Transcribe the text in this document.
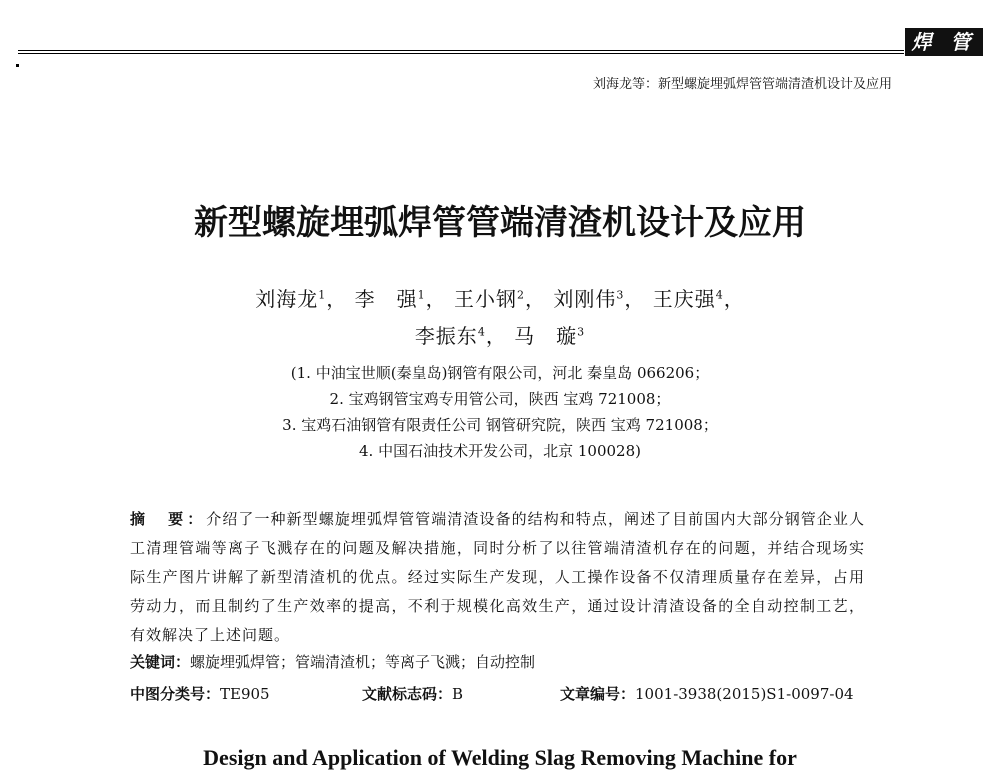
焊 管
刘海龙等：新型螺旋埋弧焊管管端清渣机设计及应用
新型螺旋埋弧焊管管端清渣机设计及应用
刘海龙$^1$， 李　强$^1$， 王小钢$^2$， 刘刚伟$^3$， 王庆强$^4$，
李振东$^4$， 马　璇$^3$
(1. 中油宝世顺(秦皇岛)钢管有限公司，河北 秦皇岛 066206；
2. 宝鸡钢管宝鸡专用管公司，陕西 宝鸡 721008；
3. 宝鸡石油钢管有限责任公司 钢管研究院，陕西 宝鸡 721008；
4. 中国石油技术开发公司，北京 100028)
摘　要：介绍了一种新型螺旋埋弧焊管管端清渣设备的结构和特点，阐述了目前国内大部分钢管企业人工清理管端等离子飞溅存在的问题及解决措施，同时分析了以往管端清渣机存在的问题，并结合现场实际生产图片讲解了新型清渣机的优点。经过实际生产发现，人工操作设备不仅清理质量存在差异，占用劳动力，而且制约了生产效率的提高，不利于规模化高效生产，通过设计清渣设备的全自动控制工艺，有效解决了上述问题。
关键词：螺旋埋弧焊管；管端清渣机；等离子飞溅；自动控制
中图分类号：TE905	文献标志码：B	文章编号：1001-3938(2015)S1-0097-04
Design and Application of Welding Slag Removing Machine for
